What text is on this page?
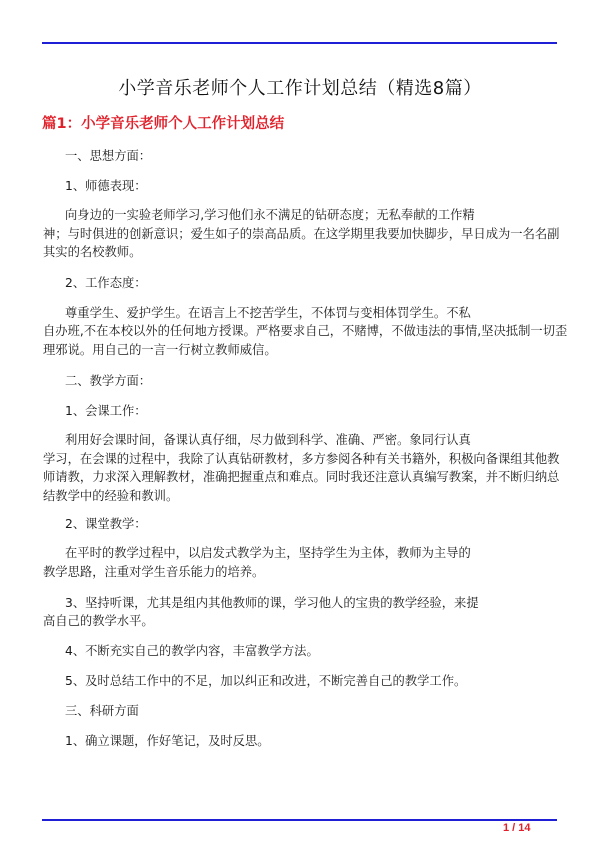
小学音乐老师个人工作计划总结（精选8篇）
篇1：小学音乐老师个人工作计划总结
一、思想方面：
1、师德表现：
向身边的一实验老师学习,学习他们永不满足的钻研态度；无私奉献的工作精
神；与时俱进的创新意识；爱生如子的崇高品质。在这学期里我要加快脚步，早日成为一名名副
其实的名校教师。
2、工作态度：
尊重学生、爱护学生。在语言上不挖苦学生，不体罚与变相体罚学生。不私
自办班,不在本校以外的任何地方授课。严格要求自己，不赌博，不做违法的事情,坚决抵制一切歪
理邪说。用自己的一言一行树立教师威信。
二、教学方面：
1、会课工作：
利用好会课时间，备课认真仔细，尽力做到科学、准确、严密。象同行认真
学习，在会课的过程中，我除了认真钻研教材，多方参阅各种有关书籍外，积极向备课组其他教
师请教，力求深入理解教材，准确把握重点和难点。同时我还注意认真编写教案，并不断归纳总
结教学中的经验和教训。
2、课堂教学：
在平时的教学过程中，以启发式教学为主，坚持学生为主体，教师为主导的
教学思路，注重对学生音乐能力的培养。
3、坚持听课，尤其是组内其他教师的课，学习他人的宝贵的教学经验，来提
高自己的教学水平。
4、不断充实自己的教学内容，丰富教学方法。
5、及时总结工作中的不足，加以纠正和改进，不断完善自己的教学工作。
三、科研方面
1、确立课题，作好笔记，及时反思。
1 / 14
